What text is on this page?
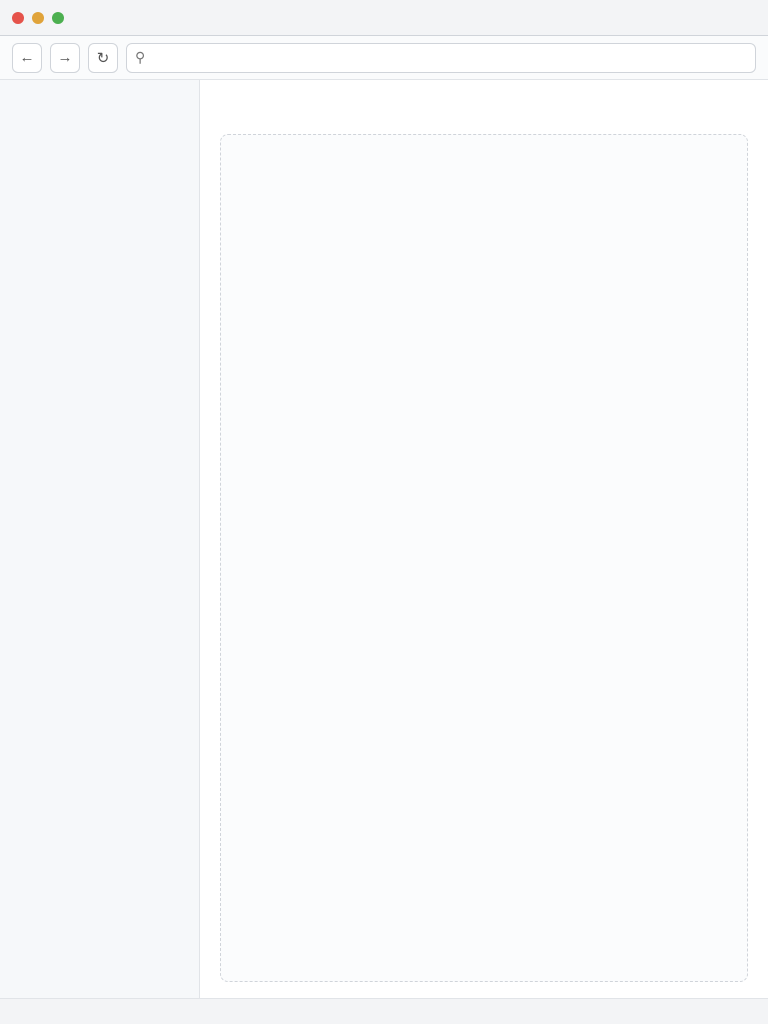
← → ↻ ⚲
